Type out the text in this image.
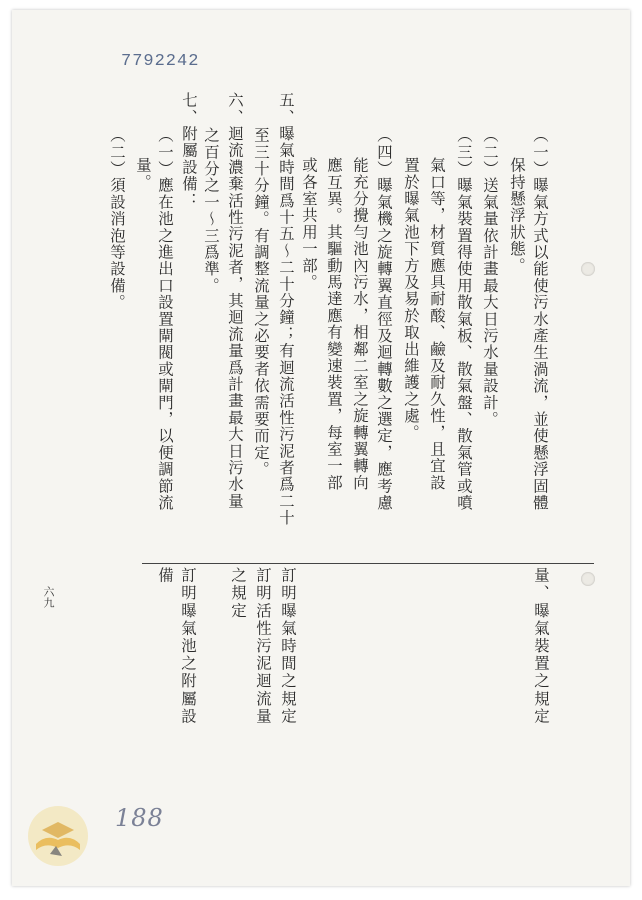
7792242
（一）曝氣方式以能使污水產生渦流，並使懸浮固體
保持懸浮狀態。
（二）送氣量依計畫最大日污水量設計。
（三）曝氣裝置得使用散氣板、散氣盤、散氣管或噴
氣口等，材質應具耐酸、鹼及耐久性，且宜設
置於曝氣池下方及易於取出維護之處。
（四）曝氣機之旋轉翼直徑及迴轉數之選定，應考慮
能充分攪勻池內污水，相鄰二室之旋轉翼轉向
應互異。其驅動馬達應有變速裝置，每室一部
或各室共用一部。
五、曝氣時間爲十五～二十分鐘；有迴流活性污泥者爲二十
至三十分鐘。有調整流量之必要者依需要而定。
六、迴流濃棄活性污泥者，其迴流量爲計畫最大日污水量
之百分之一～三爲準。
七、附屬設備：
（一）應在池之進出口設置閘閥或閘門，以便調節流
量。
（二）須設消泡等設備。
量、曝氣裝置之規定
訂明曝氣時間之規定
訂明活性污泥迴流量
之規定
訂明曝氣池之附屬設
備
六九
188
